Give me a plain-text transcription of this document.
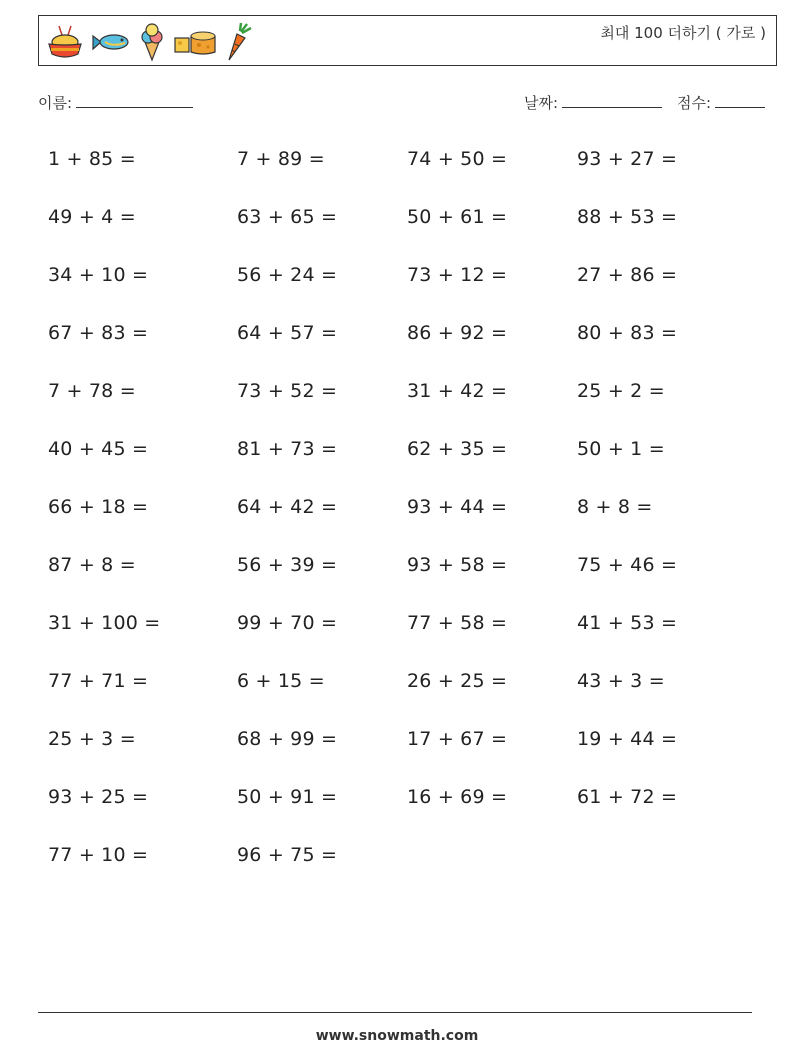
최대 100 더하기 ( 가로 )
이름:	날짜:	점수:
1 + 85 =	7 + 89 =	74 + 50 =	93 + 27 =
49 + 4 =	63 + 65 =	50 + 61 =	88 + 53 =
34 + 10 =	56 + 24 =	73 + 12 =	27 + 86 =
67 + 83 =	64 + 57 =	86 + 92 =	80 + 83 =
7 + 78 =	73 + 52 =	31 + 42 =	25 + 2 =
40 + 45 =	81 + 73 =	62 + 35 =	50 + 1 =
66 + 18 =	64 + 42 =	93 + 44 =	8 + 8 =
87 + 8 =	56 + 39 =	93 + 58 =	75 + 46 =
31 + 100 =	99 + 70 =	77 + 58 =	41 + 53 =
77 + 71 =	6 + 15 =	26 + 25 =	43 + 3 =
25 + 3 =	68 + 99 =	17 + 67 =	19 + 44 =
93 + 25 =	50 + 91 =	16 + 69 =	61 + 72 =
77 + 10 =	96 + 75 =
www.snowmath.com
